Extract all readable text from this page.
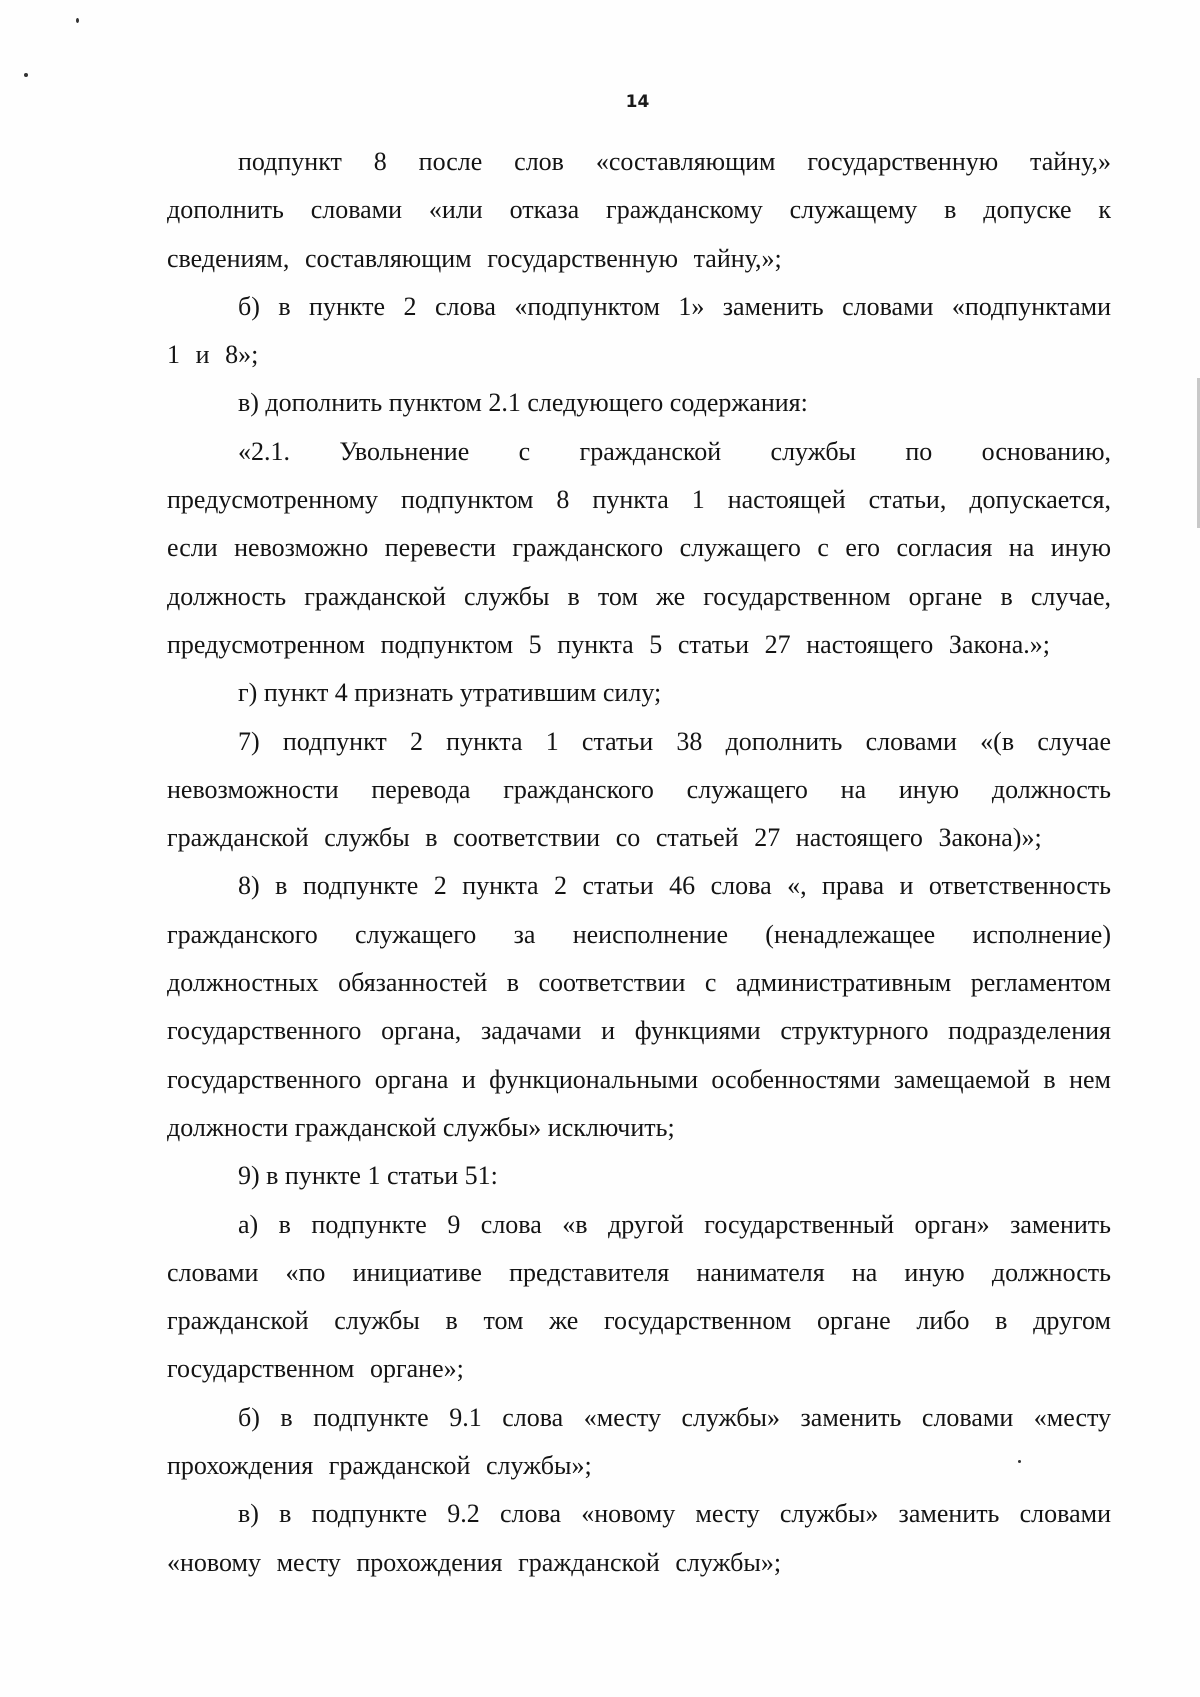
14

подпункт 8 после слов «составляющим государственную тайну,» дополнить словами «или отказа гражданскому служащему в допуске к сведениям, составляющим государственную тайну,»;

б) в пункте 2 слова «подпунктом 1» заменить словами «подпунктами 1 и 8»;

в) дополнить пунктом 2.1 следующего содержания:

«2.1. Увольнение с гражданской службы по основанию, предусмотренному подпунктом 8 пункта 1 настоящей статьи, допускается, если невозможно перевести гражданского служащего с его согласия на иную должность гражданской службы в том же государственном органе в случае, предусмотренном подпунктом 5 пункта 5 статьи 27 настоящего Закона.»;

г) пункт 4 признать утратившим силу;

7) подпункт 2 пункта 1 статьи 38 дополнить словами «(в случае невозможности перевода гражданского служащего на иную должность гражданской службы в соответствии со статьей 27 настоящего Закона)»;

8) в подпункте 2 пункта 2 статьи 46 слова «, права и ответственность гражданского служащего за неисполнение (ненадлежащее исполнение) должностных обязанностей в соответствии с административным регламентом государственного органа, задачами и функциями структурного подразделения государственного органа и функциональными особенностями замещаемой в нем должности гражданской службы» исключить;

9) в пункте 1 статьи 51:

а) в подпункте 9 слова «в другой государственный орган» заменить словами «по инициативе представителя нанимателя на иную должность гражданской службы в том же государственном органе либо в другом государственном органе»;

б) в подпункте 9.1 слова «месту службы» заменить словами «месту прохождения гражданской службы»;

в) в подпункте 9.2 слова «новому месту службы» заменить словами «новому месту прохождения гражданской службы»;
